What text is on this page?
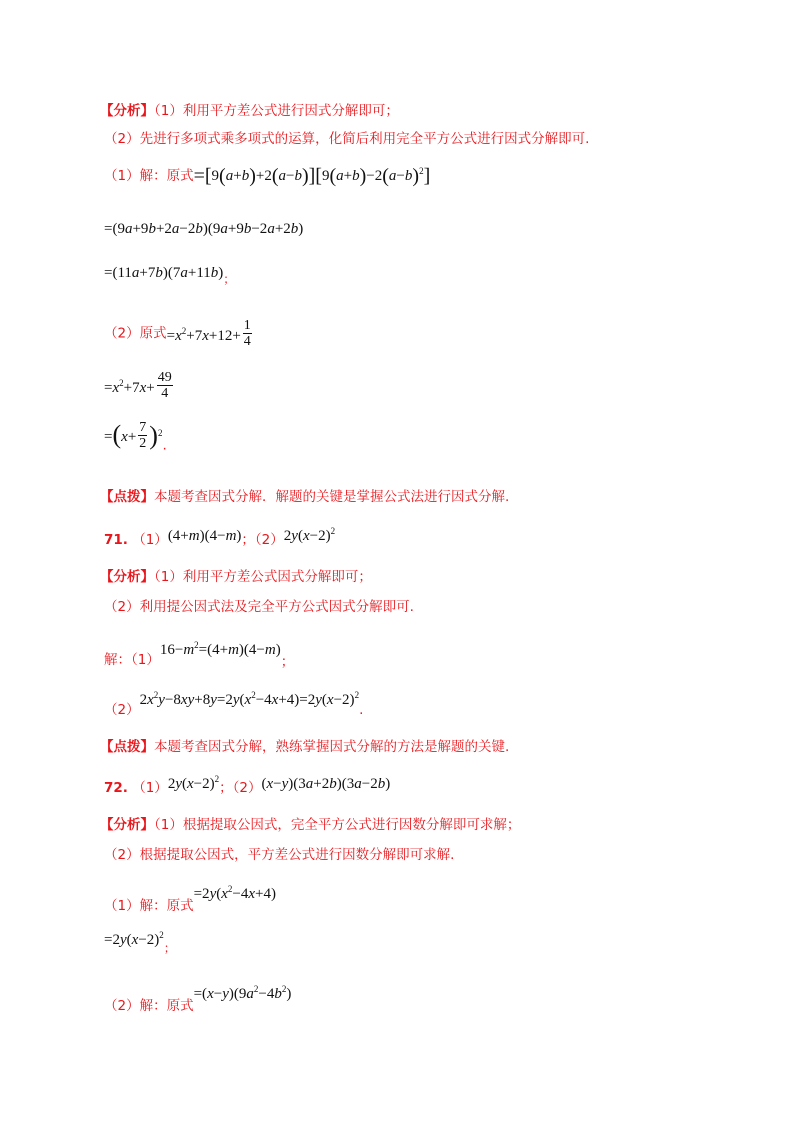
【分析】（1）利用平方差公式进行因式分解即可；
（2）先进行多项式乘多项式的运算，化简后利用完全平方公式进行因式分解即可.
（1）解：原式$=[9(a+b)+2(a-b)][9(a+b)-2(a-b)^2]$
=(9a+9b+2a−2b)(9a+9b−2a+2b)
$=(11a+7b)(7a+11b)_;$
（2）原式$=x^2+7x+12+ \frac{1}{4}$
$=x^2+7x+ \frac{49}{4}$
$=(x+ \frac{7}{2} )^2$.
【点拨】本题考查因式分解．解题的关键是掌握公式法进行因式分解.
71. （1）(4+m)(4−m)；$(2)2y(x-2)^2$
【分析】（1）利用平方差公式因式分解即可；
（2）利用提公因式法及完全平方公式因式分解即可.
解：$(1)16-m^2=(4+m)(4-m)$；
$(2)2x^2y-8xy+8y=2y(x^2-4x+4)=2y(x-2)^2$.
【点拨】本题考查因式分解，熟练掌握因式分解的方法是解题的关键.
72. $(1)2y(x-2)^2$；（2）(x−y)(3a+2b)(3a−2b)
【分析】（1）根据提取公因式，完全平方公式进行因数分解即可求解；
（2）根据提取公因式，平方差公式进行因数分解即可求解.
（1）解：原式$=2y(x^2-4x+4)$
$=2y(x-2)^2_;$
（2）解：原式$=(x-y)(9a^2-4b^2)$
